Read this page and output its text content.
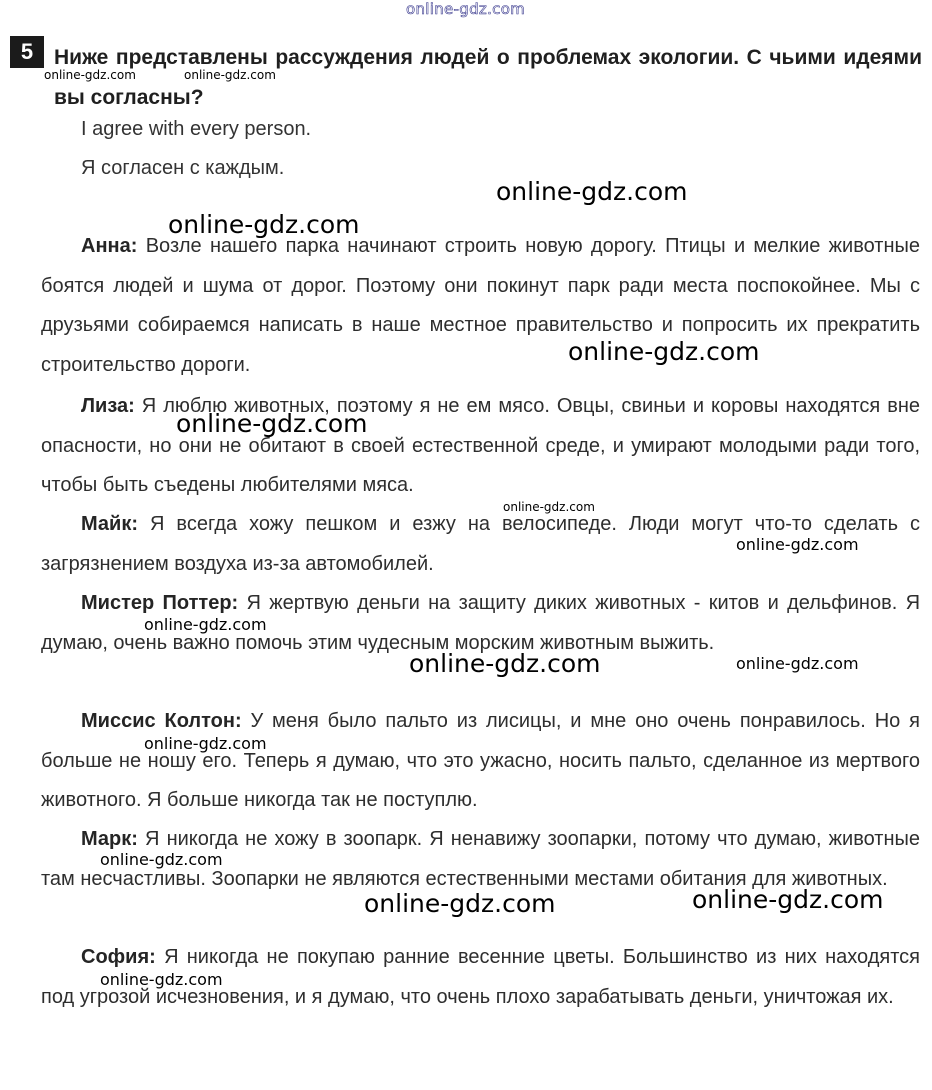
online-gdz.com
5 Ниже представлены рассуждения людей о проблемах экологии. С чьими идеями вы согласны?
I agree with every person.
Я согласен с каждым.
Анна: Возле нашего парка начинают строить новую дорогу. Птицы и мелкие животные боятся людей и шума от дорог. Поэтому они покинут парк ради места поспокойнее. Мы с друзьями собираемся написать в наше местное правительство и попросить их прекратить строительство дороги.
Лиза: Я люблю животных, поэтому я не ем мясо. Овцы, свиньи и коровы находятся вне опасности, но они не обитают в своей естественной среде, и умирают молодыми ради того, чтобы быть съедены любителями мяса.
Майк: Я всегда хожу пешком и езжу на велосипеде. Люди могут что-то сделать с загрязнением воздуха из-за автомобилей.
Мистер Поттер: Я жертвую деньги на защиту диких животных - китов и дельфинов. Я думаю, очень важно помочь этим чудесным морским животным выжить.
Миссис Колтон: У меня было пальто из лисицы, и мне оно очень понравилось. Но я больше не ношу его. Теперь я думаю, что это ужасно, носить пальто, сделанное из мертвого животного. Я больше никогда так не поступлю.
Марк: Я никогда не хожу в зоопарк. Я ненавижу зоопарки, потому что думаю, животные там несчастливы. Зоопарки не являются естественными местами обитания для животных.
София: Я никогда не покупаю ранние весенние цветы. Большинство из них находятся под угрозой исчезновения, и я думаю, что очень плохо зарабатывать деньги, уничтожая их.
online-gdz.com	online-gdz.com
online-gdz.com
online-gdz.com
online-gdz.com
online-gdz.com
online-gdz.com
online-gdz.com
online-gdz.com
online-gdz.com	online-gdz.com
online-gdz.com
online-gdz.com
online-gdz.com	online-gdz.com
online-gdz.com
